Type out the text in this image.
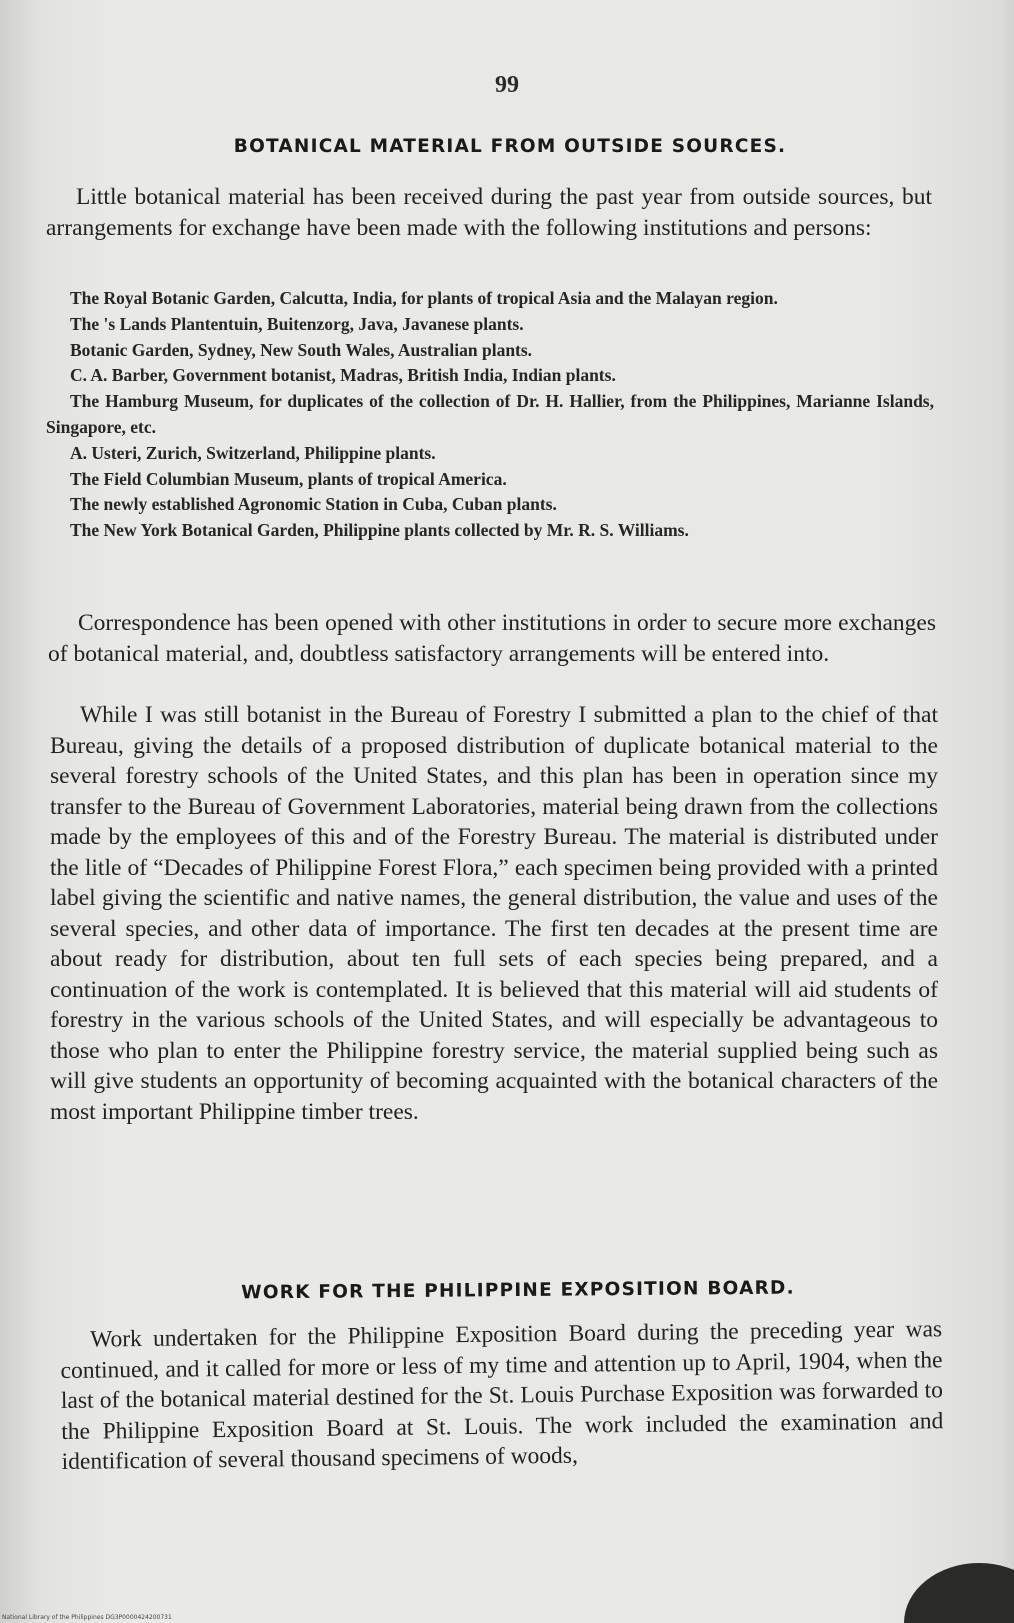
99
BOTANICAL MATERIAL FROM OUTSIDE SOURCES.

Little botanical material has been received during the past year from outside sources, but arrangements for exchange have been made with the following institutions and persons:

The Royal Botanic Garden, Calcutta, India, for plants of tropical Asia and the Malayan region.
The 's Lands Plantentuin, Buitenzorg, Java, Javanese plants.
Botanic Garden, Sydney, New South Wales, Australian plants.
C. A. Barber, Government botanist, Madras, British India, Indian plants.
The Hamburg Museum, for duplicates of the collection of Dr. H. Hallier, from the Philippines, Marianne Islands, Singapore, etc.
A. Usteri, Zurich, Switzerland, Philippine plants.
The Field Columbian Museum, plants of tropical America.
The newly established Agronomic Station in Cuba, Cuban plants.
The New York Botanical Garden, Philippine plants collected by Mr. R. S. Williams.

Correspondence has been opened with other institutions in order to secure more exchanges of botanical material, and, doubtless satisfactory arrangements will be entered into.

While I was still botanist in the Bureau of Forestry I submitted a plan to the chief of that Bureau, giving the details of a proposed distribution of duplicate botanical material to the several forestry schools of the United States, and this plan has been in operation since my transfer to the Bureau of Government Laboratories, material being drawn from the collections made by the employees of this and of the Forestry Bureau. The material is distributed under the litle of “Decades of Philippine Forest Flora,” each specimen being provided with a printed label giving the scientific and native names, the general distribution, the value and uses of the several species, and other data of importance. The first ten decades at the present time are about ready for distribution, about ten full sets of each species being prepared, and a continuation of the work is contemplated. It is believed that this material will aid students of forestry in the various schools of the United States, and will especially be advantageous to those who plan to enter the Philippine forestry service, the material supplied being such as will give students an opportunity of becoming acquainted with the botanical characters of the most important Philippine timber trees.

WORK FOR THE PHILIPPINE EXPOSITION BOARD.

Work undertaken for the Philippine Exposition Board during the preceding year was continued, and it called for more or less of my time and attention up to April, 1904, when the last of the botanical material destined for the St. Louis Purchase Exposition was forwarded to the Philippine Exposition Board at St. Louis. The work included the examination and identification of several thousand specimens of woods,

National Library of the Philippines DG3P0000424200731
